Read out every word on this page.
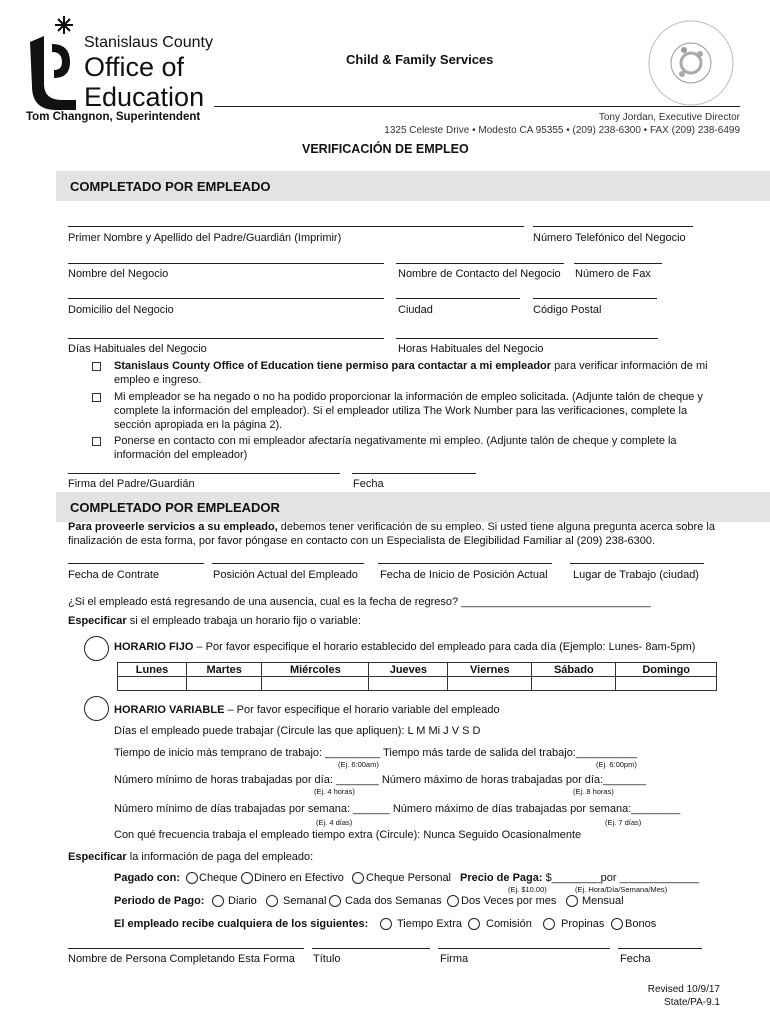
Stanislaus County
Office of
Education
Tom Changnon, Superintendent
Child & Family Services
Tony Jordan, Executive Director
1325 Celeste Drive • Modesto CA 95355 • (209) 238-6300 • FAX (209) 238-6499
VERIFICACIÓN DE EMPLEO
COMPLETADO POR EMPLEADO
Primer Nombre y Apellido del Padre/Guardián (Imprimir)	Número Telefónico del Negocio
Nombre del Negocio	Nombre de Contacto del Negocio Número de Fax
Domicilio del Negocio	Ciudad	Código Postal
Días Habituales del Negocio	Horas Habituales del Negocio
Stanislaus County Office of Education tiene permiso para contactar a mi empleador para verificar información de mi empleo e ingreso.
Mi empleador se ha negado o no ha podido proporcionar la información de empleo solicitada. (Adjunte talón de cheque y complete la información del empleador). Si el empleador utiliza The Work Number para las verificaciones, complete la sección apropiada en la página 2).
Ponerse en contacto con mi empleador afectaría negativamente mi empleo. (Adjunte talón de cheque y complete la información del empleador)
Firma del Padre/Guardián	Fecha
COMPLETADO POR EMPLEADOR
Para proveerle servicios a su empleado, debemos tener verificación de su empleo. Si usted tiene alguna pregunta acerca sobre la finalización de esta forma, por favor póngase en contacto con un Especialista de Elegibilidad Familiar al (209) 238-6300.
Fecha de Contrate	Posición Actual del Empleado Fecha de Inicio de Posición Actual Lugar de Trabajo (ciudad)
¿Si el empleado está regresando de una ausencia, cual es la fecha de regreso? _______________________________
Especificar si el empleado trabaja un horario fijo o variable:
HORARIO FIJO – Por favor especifique el horario establecido del empleado para cada día (Ejemplo: Lunes- 8am-5pm)
Lunes	Martes	Miércoles	Jueves	Viernes	Sábado	Domingo

HORARIO VARIABLE – Por favor especifique el horario variable del empleado
Días el empleado puede trabajar (Circule las que apliquen): L M Mi J V S D
Tiempo de inicio más temprano de trabajo: _________ Tiempo más tarde de salida del trabajo:__________
(Ej. 6:00am)	(Ej. 6:00pm)
Número mínimo de horas trabajadas por día: _______ Número máximo de horas trabajadas por día:_______
(Ej. 4 horas)	(Ej. 8 horas)
Número mínimo de días trabajadas por semana: ______ Número máximo de días trabajadas por semana:________
(Ej. 4 días)	(Ej. 7 días)
Con qué frecuencia trabaja el empleado tiempo extra (Circule): Nunca Seguido Ocasionalmente
Especificar la información de paga del empleado:
Pagado con: Cheque Dinero en Efectivo Cheque Personal Precio de Paga: $________por _____________
(Ej. $10.00)	(Ej. Hora/Día/Semana/Mes)
Periodo de Pago: Diario Semanal Cada dos Semanas Dos Veces por mes Mensual
El empleado recibe cualquiera de los siguientes:	Tiempo Extra Comisión	Propinas Bonos
Nombre de Persona Completando Esta Forma Título	Firma	Fecha
Revised 10/9/17
State/PA-9.1
